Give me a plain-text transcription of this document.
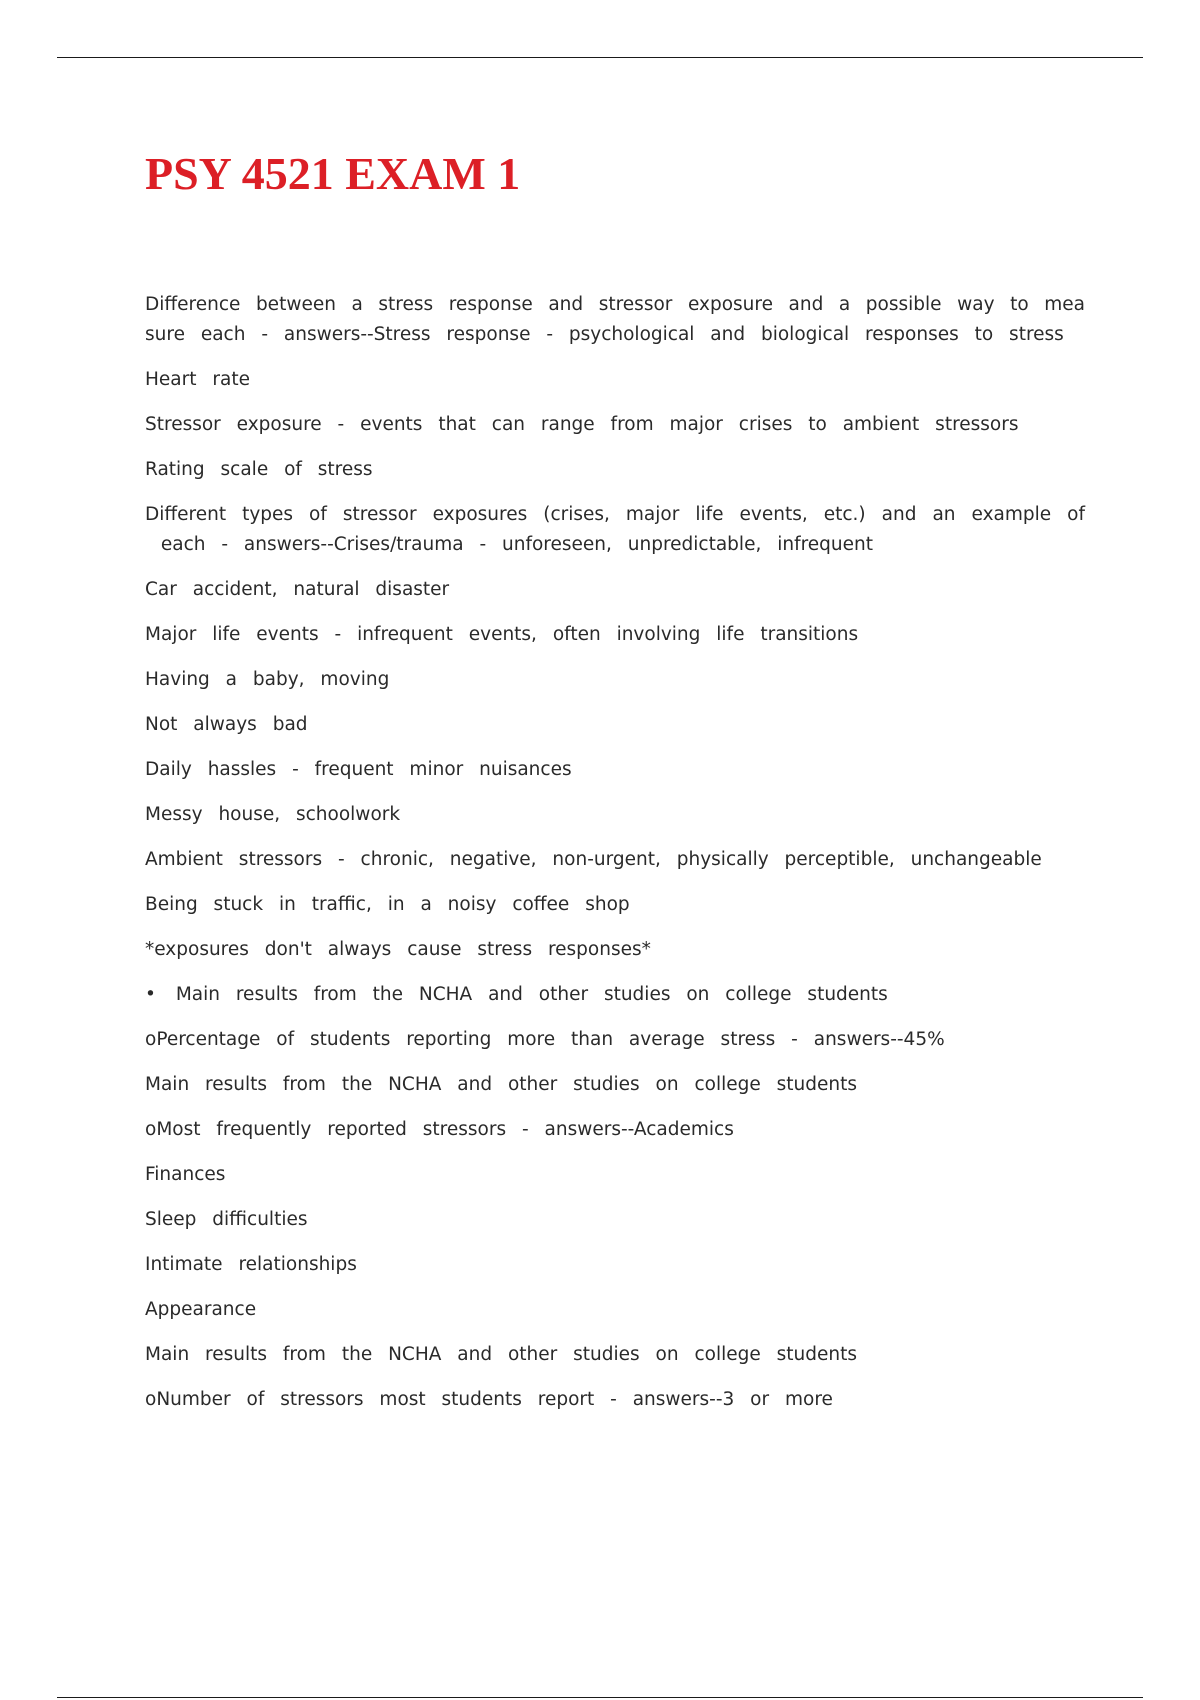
PSY 4521 EXAM 1

Difference between a stress response and stressor exposure and a possible way to mea
sure each - answers--Stress response - psychological and biological responses to stress

Heart rate

Stressor exposure - events that can range from major crises to ambient stressors

Rating scale of stress

Different types of stressor exposures (crises, major life events, etc.) and an example of
each - answers--Crises/trauma - unforeseen, unpredictable, infrequent

Car accident, natural disaster

Major life events - infrequent events, often involving life transitions

Having a baby, moving

Not always bad

Daily hassles - frequent minor nuisances

Messy house, schoolwork

Ambient stressors - chronic, negative, non-urgent, physically perceptible, unchangeable

Being stuck in traffic, in a noisy coffee shop

*exposures don't always cause stress responses*

• Main results from the NCHA and other studies on college students

oPercentage of students reporting more than average stress - answers--45%

Main results from the NCHA and other studies on college students

oMost frequently reported stressors - answers--Academics

Finances

Sleep difficulties

Intimate relationships

Appearance

Main results from the NCHA and other studies on college students

oNumber of stressors most students report - answers--3 or more
